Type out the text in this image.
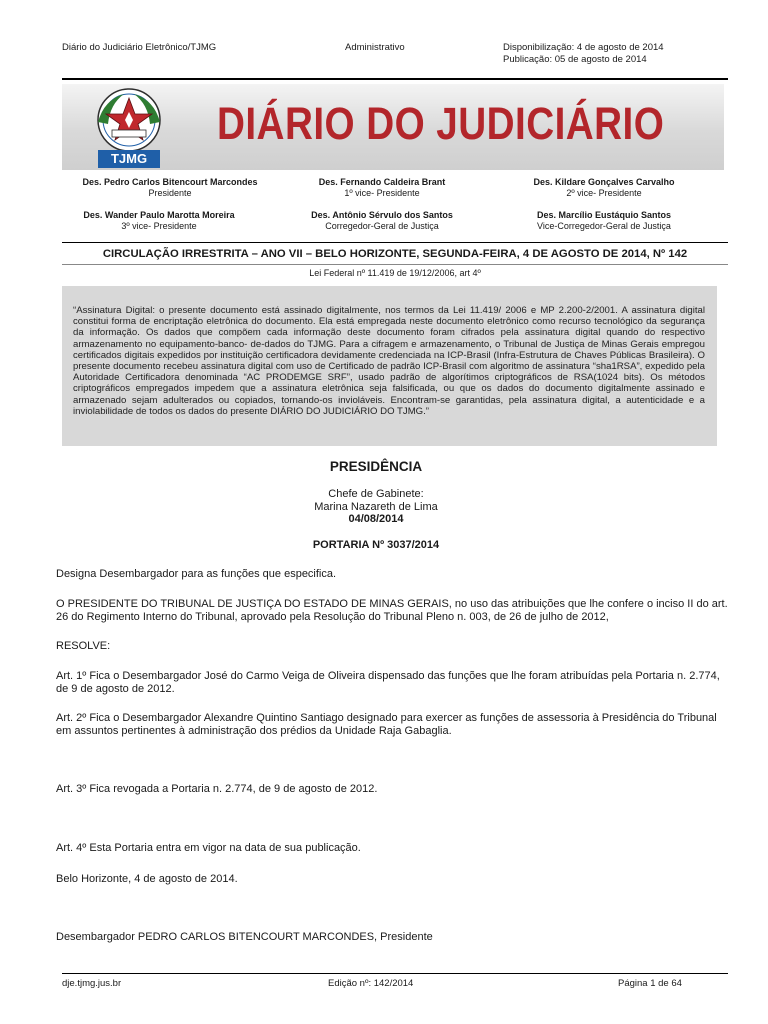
Diário do Judiciário Eletrônico/TJMG	Administrativo	Disponibilização: 4 de agosto de 2014
Publicação: 05 de agosto de 2014
TJMG
DIÁRIO DO JUDICIÁRIO
Des. Pedro Carlos Bitencourt Marcondes
Presidente
Des. Fernando Caldeira Brant
1º vice- Presidente
Des. Kildare Gonçalves Carvalho
2º vice- Presidente
Des. Wander Paulo Marotta Moreira
3º vice- Presidente
Des. Antônio Sérvulo dos Santos
Corregedor-Geral de Justiça
Des. Marcílio Eustáquio Santos
Vice-Corregedor-Geral de Justiça
CIRCULAÇÃO IRRESTRITA – ANO VII – BELO HORIZONTE, SEGUNDA-FEIRA, 4 DE AGOSTO DE 2014, Nº 142
Lei Federal nº 11.419 de 19/12/2006, art 4º
“Assinatura Digital: o presente documento está assinado digitalmente, nos termos da Lei 11.419/ 2006 e MP 2.200-2/2001. A assinatura digital constitui forma de encriptação eletrônica do documento. Ela está empregada neste documento eletrônico como recurso tecnológico da segurança da informação. Os dados que compõem cada informação deste documento foram cifrados pela assinatura digital quando do respectivo armazenamento no equipamento-banco- de-dados do TJMG. Para a cifragem e armazenamento, o Tribunal de Justiça de Minas Gerais empregou certificados digitais expedidos por instituição certificadora devidamente credenciada na ICP-Brasil (Infra-Estrutura de Chaves Públicas Brasileira). O presente documento recebeu assinatura digital com uso de Certificado de padrão ICP-Brasil com algoritmo de assinatura “sha1RSA”, expedido pela Autoridade Certificadora denominada “AC PRODEMGE SRF”, usado padrão de algorítimos criptográficos de RSA(1024 bits). Os métodos criptográficos empregados impedem que a assinatura eletrônica seja falsificada, ou que os dados do documento digitalmente assinado e armazenado sejam adulterados ou copiados, tornando-os invioláveis. Encontram-se garantidas, pela assinatura digital, a autenticidade e a inviolabilidade de todos os dados do presente DIÁRIO DO JUDICIÁRIO DO TJMG.”
PRESIDÊNCIA
Chefe de Gabinete:
Marina Nazareth de Lima
04/08/2014
PORTARIA Nº 3037/2014
Designa Desembargador para as funções que especifica.
O PRESIDENTE DO TRIBUNAL DE JUSTIÇA DO ESTADO DE MINAS GERAIS, no uso das atribuições que lhe confere o inciso II do art. 26 do Regimento Interno do Tribunal, aprovado pela Resolução do Tribunal Pleno n. 003, de 26 de julho de 2012,
RESOLVE:
Art. 1º Fica o Desembargador José do Carmo Veiga de Oliveira dispensado das funções que lhe foram atribuídas pela Portaria n. 2.774, de 9 de agosto de 2012.
Art. 2º Fica o Desembargador Alexandre Quintino Santiago designado para exercer as funções de assessoria à Presidência do Tribunal em assuntos pertinentes à administração dos prédios da Unidade Raja Gabaglia.
Art. 3º Fica revogada a Portaria n. 2.774, de 9 de agosto de 2012.
Art. 4º Esta Portaria entra em vigor na data de sua publicação.
Belo Horizonte, 4 de agosto de 2014.
Desembargador PEDRO CARLOS BITENCOURT MARCONDES, Presidente
dje.tjmg.jus.br	Edição nº: 142/2014	Página 1 de 64
